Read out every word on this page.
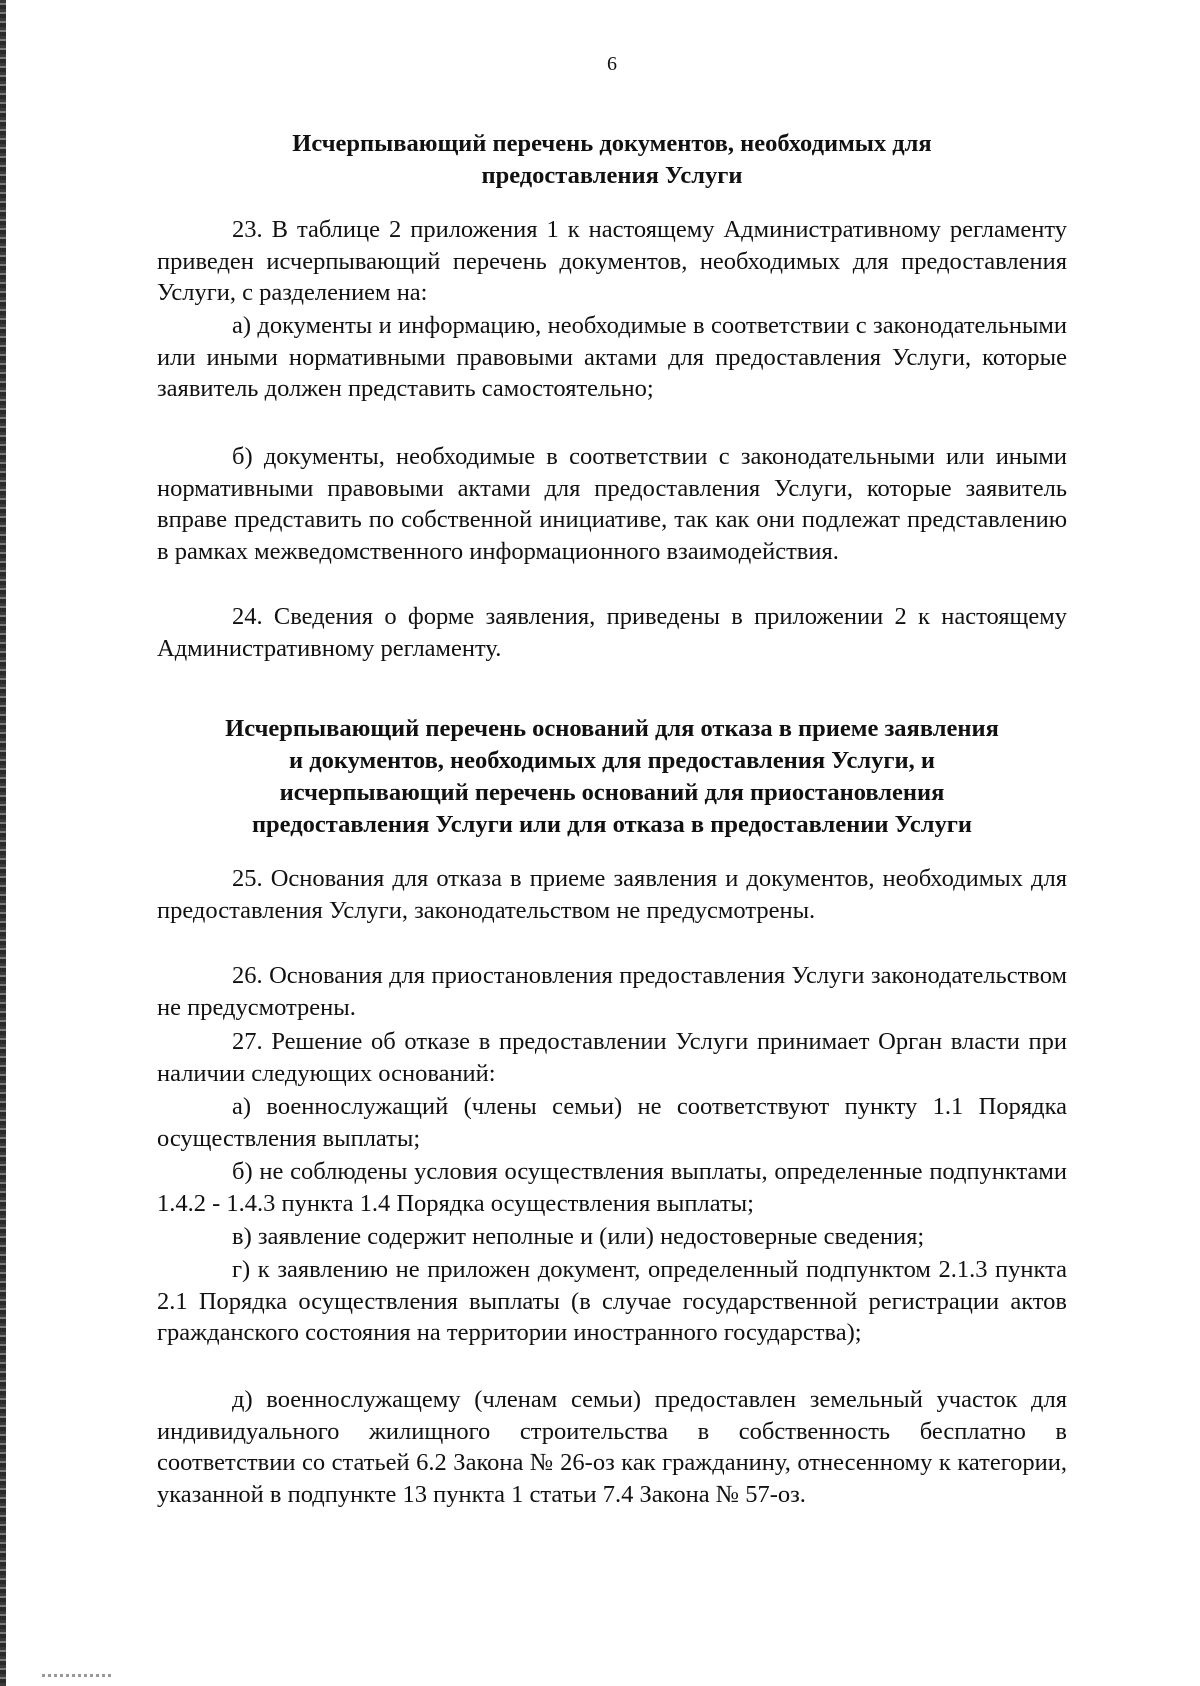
6
Исчерпывающий перечень документов, необходимых для
предоставления Услуги

23. В таблице 2 приложения 1 к настоящему Административному регламенту приведен исчерпывающий перечень документов, необходимых для предоставления Услуги, с разделением на:

а) документы и информацию, необходимые в соответствии с законодательными или иными нормативными правовыми актами для предоставления Услуги, которые заявитель должен представить самостоятельно;

б) документы, необходимые в соответствии с законодательными или иными нормативными правовыми актами для предоставления Услуги, которые заявитель вправе представить по собственной инициативе, так как они подлежат представлению в рамках межведомственного информационного взаимодействия.

24. Сведения о форме заявления, приведены в приложении 2 к настоящему Административному регламенту.

Исчерпывающий перечень оснований для отказа в приеме заявления
и документов, необходимых для предоставления Услуги, и
исчерпывающий перечень оснований для приостановления
предоставления Услуги или для отказа в предоставлении Услуги

25. Основания для отказа в приеме заявления и документов, необходимых для предоставления Услуги, законодательством не предусмотрены.

26. Основания для приостановления предоставления Услуги законодательством не предусмотрены.

27. Решение об отказе в предоставлении Услуги принимает Орган власти при наличии следующих оснований:

а) военнослужащий (члены семьи) не соответствуют пункту 1.1 Порядка осуществления выплаты;

б) не соблюдены условия осуществления выплаты, определенные подпунктами 1.4.2 - 1.4.3 пункта 1.4 Порядка осуществления выплаты;

в) заявление содержит неполные и (или) недостоверные сведения;

г) к заявлению не приложен документ, определенный подпунктом 2.1.3 пункта 2.1 Порядка осуществления выплаты (в случае государственной регистрации актов гражданского состояния на территории иностранного государства);

д) военнослужащему (членам семьи) предоставлен земельный участок для индивидуального жилищного строительства в собственность бесплатно в соответствии со статьей 6.2 Закона № 26-оз как гражданину, отнесенному к категории, указанной в подпункте 13 пункта 1 статьи 7.4 Закона № 57-оз.
